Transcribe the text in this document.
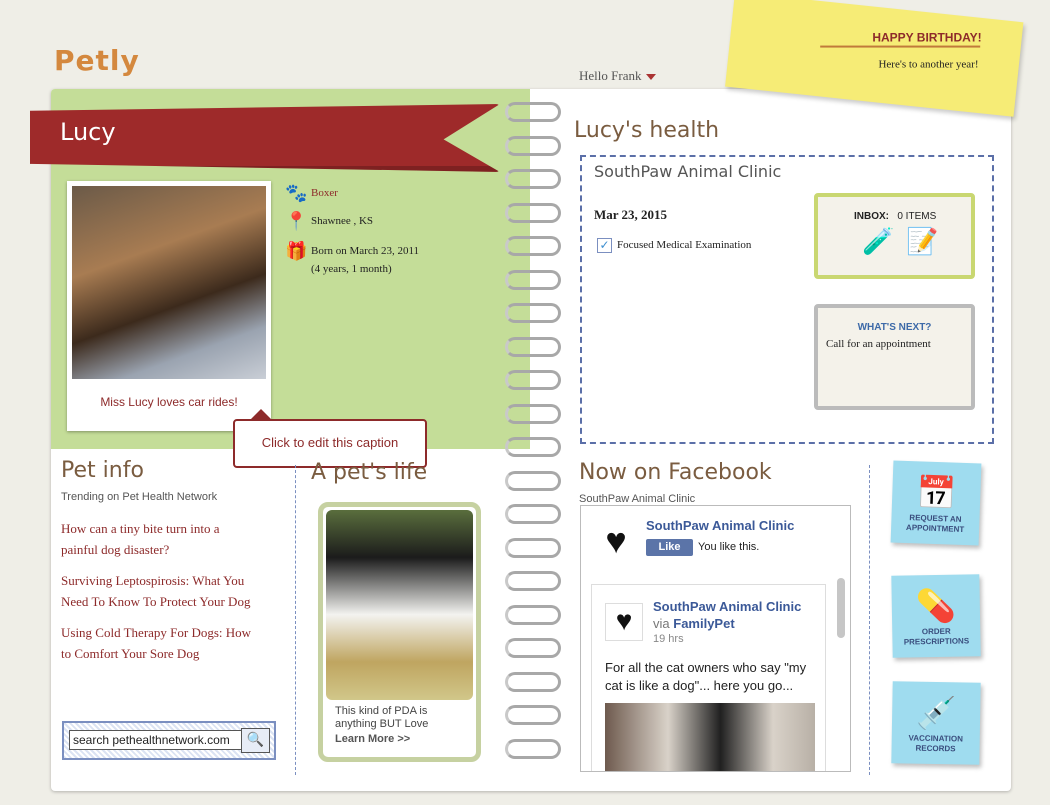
Petly	Hello Frank
HAPPY BIRTHDAY!
Here's to another year!
Lucy
Miss Lucy loves car rides!
Click to edit this caption
🐾 Boxer
📍 Shawnee , KS
🎁 Born on March 23, 2011
(4 years, 1 month)
Pet info
Trending on Pet Health Network
How can a tiny bite turn into a
painful dog disaster?
Surviving Leptospirosis: What You
Need To Know To Protect Your Dog
Using Cold Therapy For Dogs: How
to Comfort Your Sore Dog
search pethealthnetwork.com	🔍
A pet's life
This kind of PDA is
anything BUT Love
Learn More >>
Lucy's health
SouthPaw Animal Clinic
Mar 23, 2015
✓ Focused Medical Examination
INBOX: 0 ITEMS
🧪 📝
WHAT'S NEXT?
Call for an appointment
Now on Facebook
SouthPaw Animal Clinic
♥	SouthPaw Animal Clinic
Like	You like this.
♥	SouthPaw Animal Clinic via FamilyPet
19 hrs
For all the cat owners who say "my cat is like a dog"... here you go...
📅
REQUEST AN
APPOINTMENT
💊
ORDER
PRESCRIPTIONS
💉
VACCINATION
RECORDS
